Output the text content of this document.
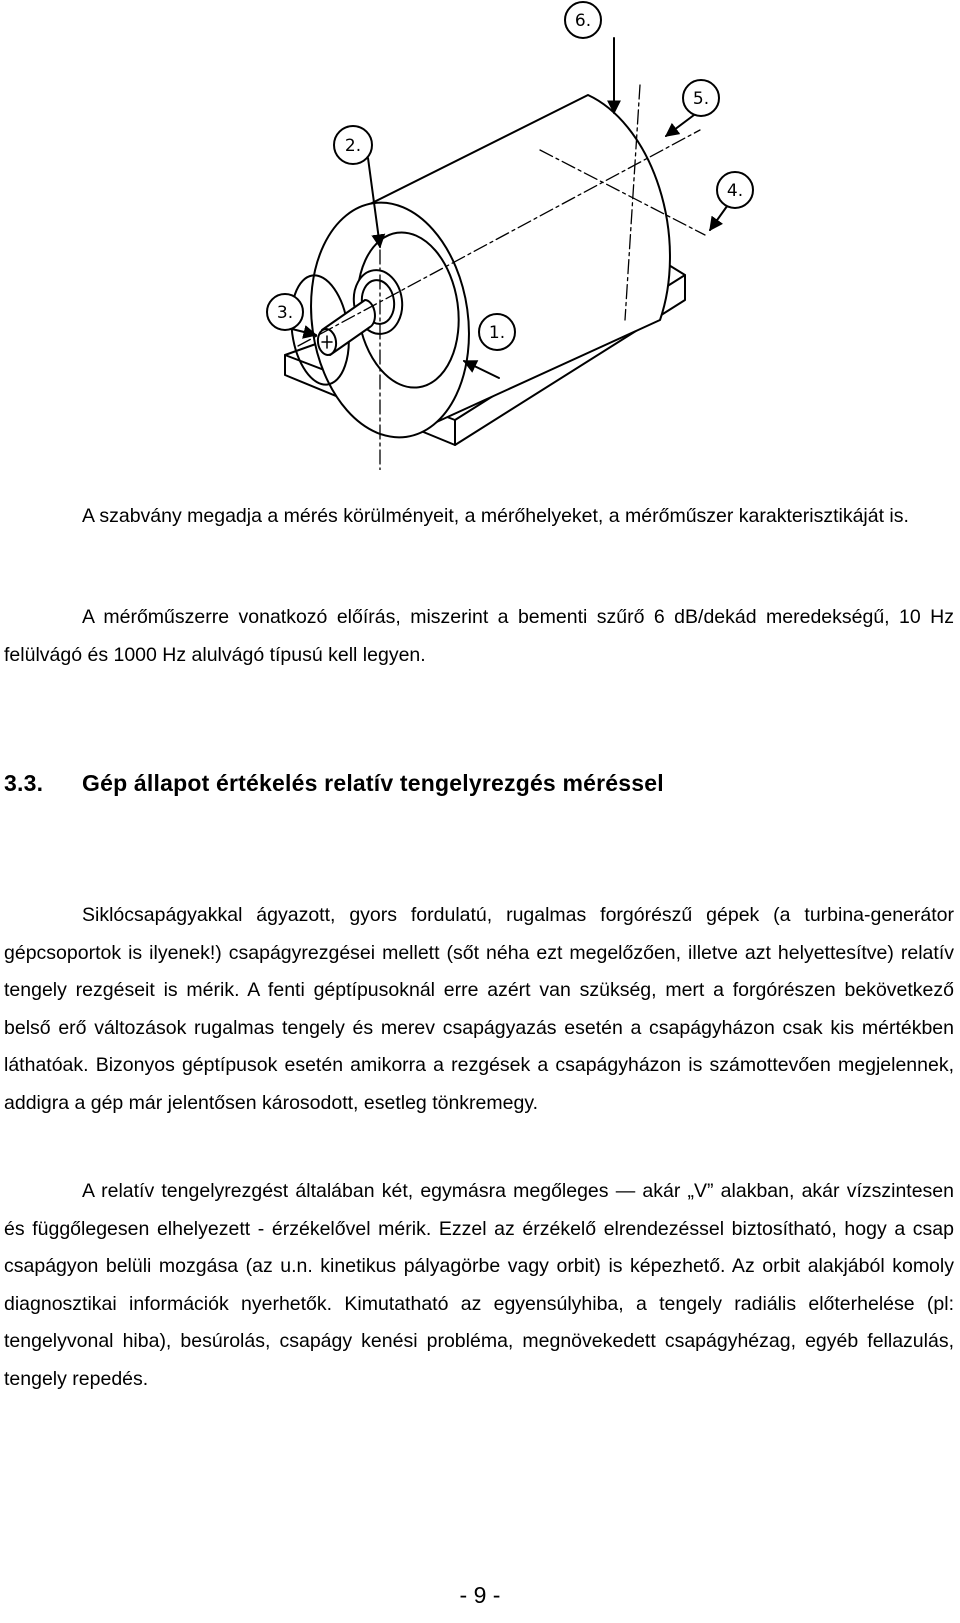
6.
5.
4.
2.
3.
1.

A szabvány megadja a mérés körülményeit, a mérőhelyeket, a mérőműszer karakterisztikáját is.

A mérőműszerre vonatkozó előírás, miszerint a bementi szűrő 6 dB/dekád meredekségű, 10 Hz felülvágó és 1000 Hz alulvágó típusú kell legyen.

3.3. Gép állapot értékelés relatív tengelyrezgés méréssel

Siklócsapágyakkal ágyazott, gyors fordulatú, rugalmas forgórészű gépek (a turbina-generátor gépcsoportok is ilyenek!) csapágyrezgései mellett (sőt néha ezt megelőzően, illetve azt helyettesítve) relatív tengely rezgéseit is mérik. A fenti géptípusoknál erre azért van szükség, mert a forgórészen bekövetkező belső erő változások rugalmas tengely és merev csapágyazás esetén a csapágyházon csak kis mértékben láthatóak. Bizonyos géptípusok esetén amikorra a rezgések a csapágyházon is számottevően megjelennek, addigra a gép már jelentősen károsodott, esetleg tönkremegy.

A relatív tengelyrezgést általában két, egymásra megőleges — akár „V” alakban, akár vízszintesen és függőlegesen elhelyezett - érzékelővel mérik. Ezzel az érzékelő elrendezéssel biztosítható, hogy a csap csapágyon belüli mozgása (az u.n. kinetikus pályagörbe vagy orbit) is képezhető. Az orbit alakjából komoly diagnosztikai információk nyerhetők. Kimutatható az egyensúlyhiba, a tengely radiális előterhelése (pl: tengelyvonal hiba), besúrolás, csapágy kenési probléma, megnövekedett csapágyhézag, egyéb fellazulás, tengely repedés.

- 9 -
